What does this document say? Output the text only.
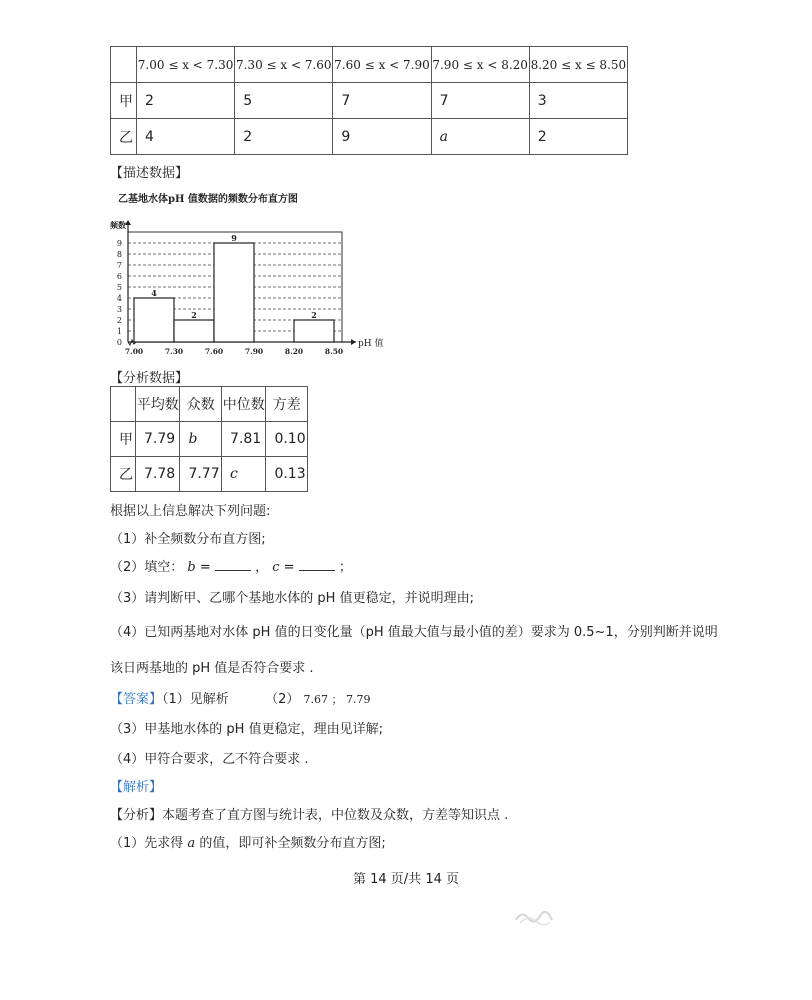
	7.00 ≤ x < 7.30	7.30 ≤ x < 7.60	7.60 ≤ x < 7.90	7.90 ≤ x < 8.20	8.20 ≤ x ≤ 8.50
甲	2	5	7	7	3
乙	4	2	9	a	2
【描述数据】
乙基地水体pH 值数据的频数分布直方图
1
2
3
4
5
6
7
8
9
0
频数
4
2
9
2
7.00	7.30	7.60	7.90	8.20	8.50
pH 值
【分析数据】
	平均数	众数	中位数	方差
甲	7.79	b	7.81	0.10
乙	7.78	7.77	c	0.13
根据以上信息解决下列问题:
（1）补全频数分布直方图;
（2）填空： b =	， c =	；
（3）请判断甲、乙哪个基地水体的 pH 值更稳定，并说明理由;
（4）已知两基地对水体 pH 值的日变化量（pH 值最大值与最小值的差）要求为 0.5~1，分别判断并说明
该日两基地的 pH 值是否符合要求 .
【答案】（1）见解析	（2） 7.67 ； 7.79
（3）甲基地水体的 pH 值更稳定，理由见详解;
（4）甲符合要求，乙不符合要求 .
【解析】
【分析】本题考查了直方图与统计表，中位数及众数，方差等知识点 .
（1）先求得 a 的值，即可补全频数分布直方图;
第 14 页/共 14 页
